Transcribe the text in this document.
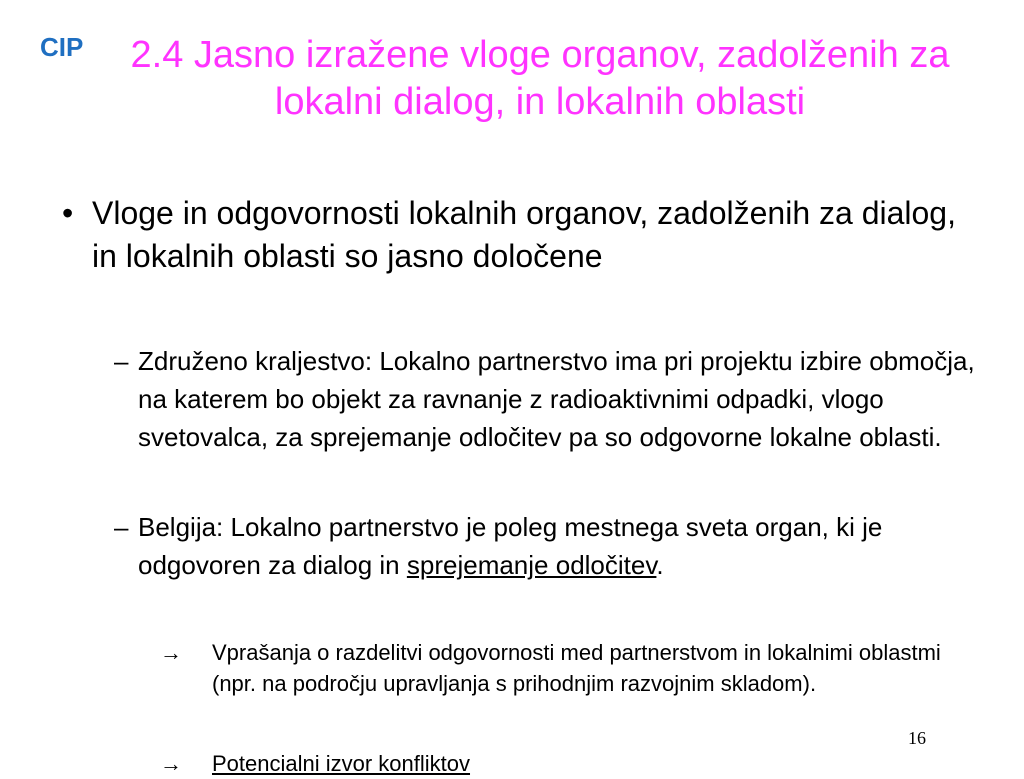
CIP	2.4 Jasno izražene vloge organov, zadolženih za lokalni dialog, in lokalnih oblasti
• Vloge in odgovornosti lokalnih organov, zadolženih za dialog, in lokalnih oblasti so jasno določene
– Združeno kraljestvo: Lokalno partnerstvo ima pri projektu izbire območja, na katerem bo objekt za ravnanje z radioaktivnimi odpadki, vlogo svetovalca, za sprejemanje odločitev pa so odgovorne lokalne oblasti.
– Belgija: Lokalno partnerstvo je poleg mestnega sveta organ, ki je odgovoren za dialog in sprejemanje odločitev.
→	Vprašanja o razdelitvi odgovornosti med partnerstvom in lokalnimi oblastmi (npr. na področju upravljanja s prihodnjim razvojnim skladom).
→	Potencialni izvor konfliktov
16
